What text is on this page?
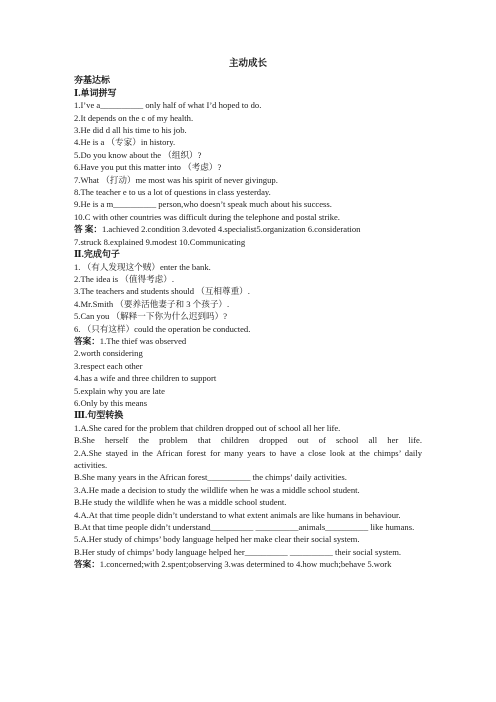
主动成长
夯基达标
Ⅰ.单词拼写
1.I’ve a__________ only half of what I’d hoped to do.
2.It depends on the c of my health.
3.He did d all his time to his job.
4.He is a （专家）in history.
5.Do you know about the （组织）?
6.Have you put this matter into （考虑）?
7.What （打动）me most was his spirit of never givingup.
8.The teacher e to us a lot of questions in class yesterday.
9.He is a m__________ person,who doesn’t speak much about his success.
10.C with other countries was difficult during the telephone and postal strike.
答 案：1.achieved 2.condition 3.devoted 4.specialist5.organization 6.consideration
7.struck 8.explained 9.modest 10.Communicating
Ⅱ.完成句子
1. （有人发现这个贼）enter the bank.
2.The idea is （值得考虑）.
3.The teachers and students should （互相尊重）.
4.Mr.Smith （要养活他妻子和 3 个孩子）.
5.Can you （解释一下你为什么迟到吗）?
6. （只有这样）could the operation be conducted.
答案：1.The thief was observed
2.worth considering
3.respect each other
4.has a wife and three children to support
5.explain why you are late
6.Only by this means
Ⅲ.句型转换
1.A.She cared for the problem that children dropped out of school all her life.
B.She herself the problem that children dropped out of school all her life.
2.A.She stayed in the African forest for many years to have a close look at the chimps’ daily activities.
B.She many years in the African forest__________ the chimps’ daily activities.
3.A.He made a decision to study the wildlife when he was a middle school student.
B.He study the wildlife when he was a middle school student.
4.A.At that time people didn’t understand to what extent animals are like humans in behaviour.
B.At that time people didn’t understand__________ __________animals__________ like humans.
5.A.Her study of chimps’ body language helped her make clear their social system.
B.Her study of chimps’ body language helped her__________ __________ their social system.
答案：1.concerned;with 2.spent;observing 3.was determined to 4.how much;behave 5.work
